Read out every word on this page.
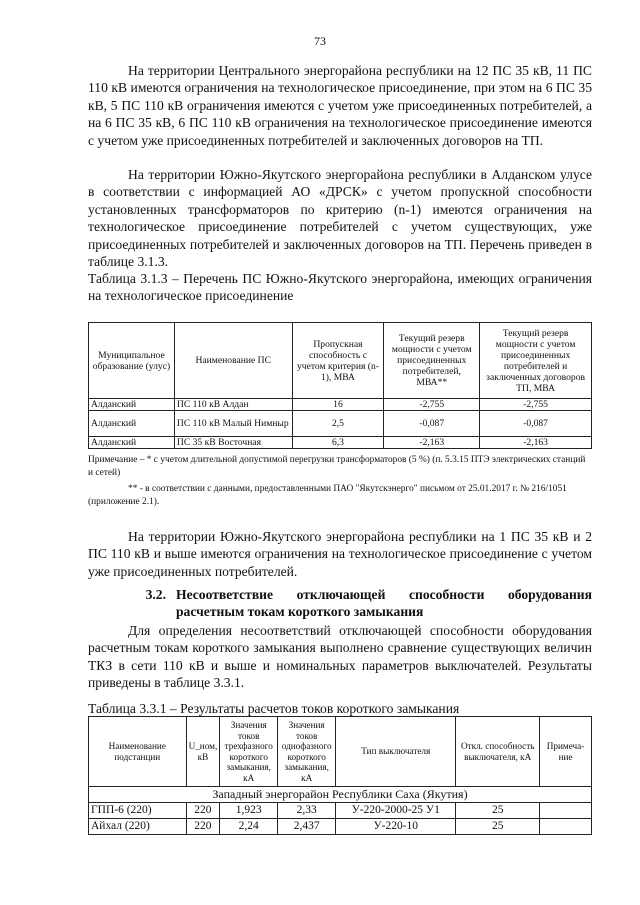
73

На территории Центрального энергорайона республики на 12 ПС 35 кВ, 11 ПС 110 кВ имеются ограничения на технологическое присоединение, при этом на 6 ПС 35 кВ, 5 ПС 110 кВ ограничения имеются с учетом уже присоединенных потребителей, а на 6 ПС 35 кВ, 6 ПС 110 кВ ограничения на технологическое присоединение имеются с учетом уже присоединенных потребителей и заключенных договоров на ТП.

На территории Южно-Якутского энергорайона республики в Алданском улусе в соответствии с информацией АО «ДРСК» с учетом пропускной способности установленных трансформаторов по критерию (n-1) имеются ограничения на технологическое присоединение потребителей с учетом существующих, уже присоединенных потребителей и заключенных договоров на ТП. Перечень приведен в таблице 3.1.3.

Таблица 3.1.3 – Перечень ПС Южно-Якутского энергорайона, имеющих ограничения на технологическое присоединение

Муниципальное образование (улус)	Наименование ПС	Пропускная способность с учетом критерия (n-1), МВА	Текущий резерв мощности с учетом присоединенных потребителей, МВА**	Текущий резерв мощности с учетом присоединенных потребителей и заключенных договоров ТП, МВА
Алданский	ПС 110 кВ Алдан	16	-2,755	-2,755
Алданский	ПС 110 кВ Малый Нимныр	2,5	-0,087	-0,087
Алданский	ПС 35 кВ Восточная	6,3	-2,163	-2,163

Примечание – * с учетом длительной допустимой перегрузки трансформаторов (5 %) (п. 5.3.15 ПТЭ электрических станций и сетей)

** - в соответствии с данными, предоставленными ПАО "Якутскэнерго" письмом от 25.01.2017 г. № 216/1051 (приложение 2.1).

На территории Южно-Якутского энергорайона республики на 1 ПС 35 кВ и 2 ПС 110 кВ и выше имеются ограничения на технологическое присоединение с учетом уже присоединенных потребителей.

3.2. Несоответствие отключающей способности оборудования расчетным токам короткого замыкания

Для определения несоответствий отключающей способности оборудования расчетным токам короткого замыкания выполнено сравнение существующих величин ТКЗ в сети 110 кВ и выше и номинальных параметров выключателей. Результаты приведены в таблице 3.3.1.

Таблица 3.3.1 – Результаты расчетов токов короткого замыкания

Наименование подстанции	U_ном, кВ	Значения токов трехфазного короткого замыкания, кА	Значения токов однофазного короткого замыкания, кА	Тип выключателя	Откл. способность выключателя, кА	Примеча-ние
Западный энергорайон Республики Саха (Якутия)						
ГПП-6 (220)	220	1,923	2,33	У-220-2000-25 У1	25	
Айхал (220)	220	2,24	2,437	У-220-10	25	
